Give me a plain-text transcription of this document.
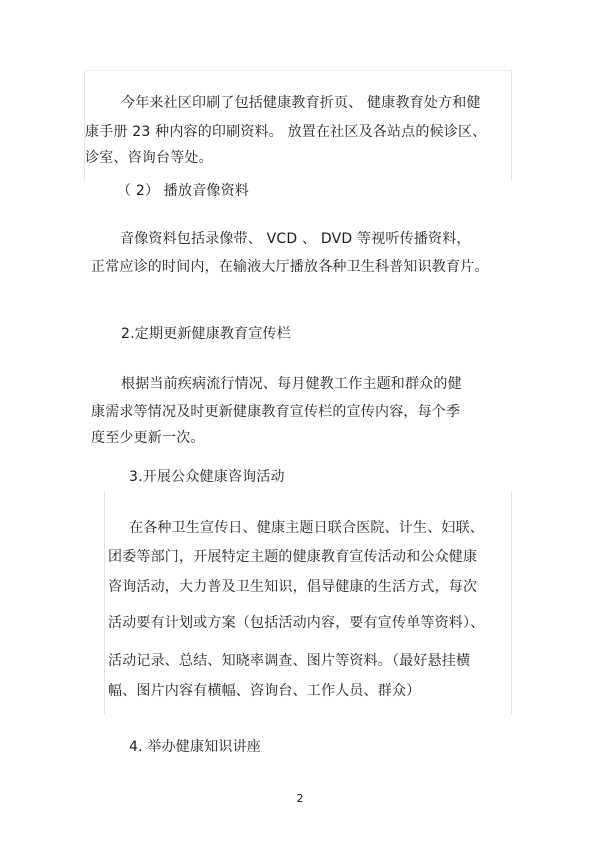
今年来社区印刷了包括健康教育折页、 健康教育处方和健
康手册 23 种内容的印刷资料。 放置在社区及各站点的候诊区、
诊室、咨询台等处。
（ 2） 播放音像资料
音像资料包括录像带、 VCD 、 DVD 等视听传播资料，
正常应诊的时间内，在输液大厅播放各种卫生科普知识教育片。
2.定期更新健康教育宣传栏
根据当前疾病流行情况、每月健教工作主题和群众的健
康需求等情况及时更新健康教育宣传栏的宣传内容，每个季
度至少更新一次。
3.开展公众健康咨询活动
在各种卫生宣传日、健康主题日联合医院、计生、妇联、
团委等部门，开展特定主题的健康教育宣传活动和公众健康
咨询活动，大力普及卫生知识，倡导健康的生活方式，每次
活动要有计划或方案（包括活动内容，要有宣传单等资料）、
活动记录、总结、知晓率调查、图片等资料。（最好悬挂横
幅、图片内容有横幅、咨询台、工作人员、群众）
4. 举办健康知识讲座
2
